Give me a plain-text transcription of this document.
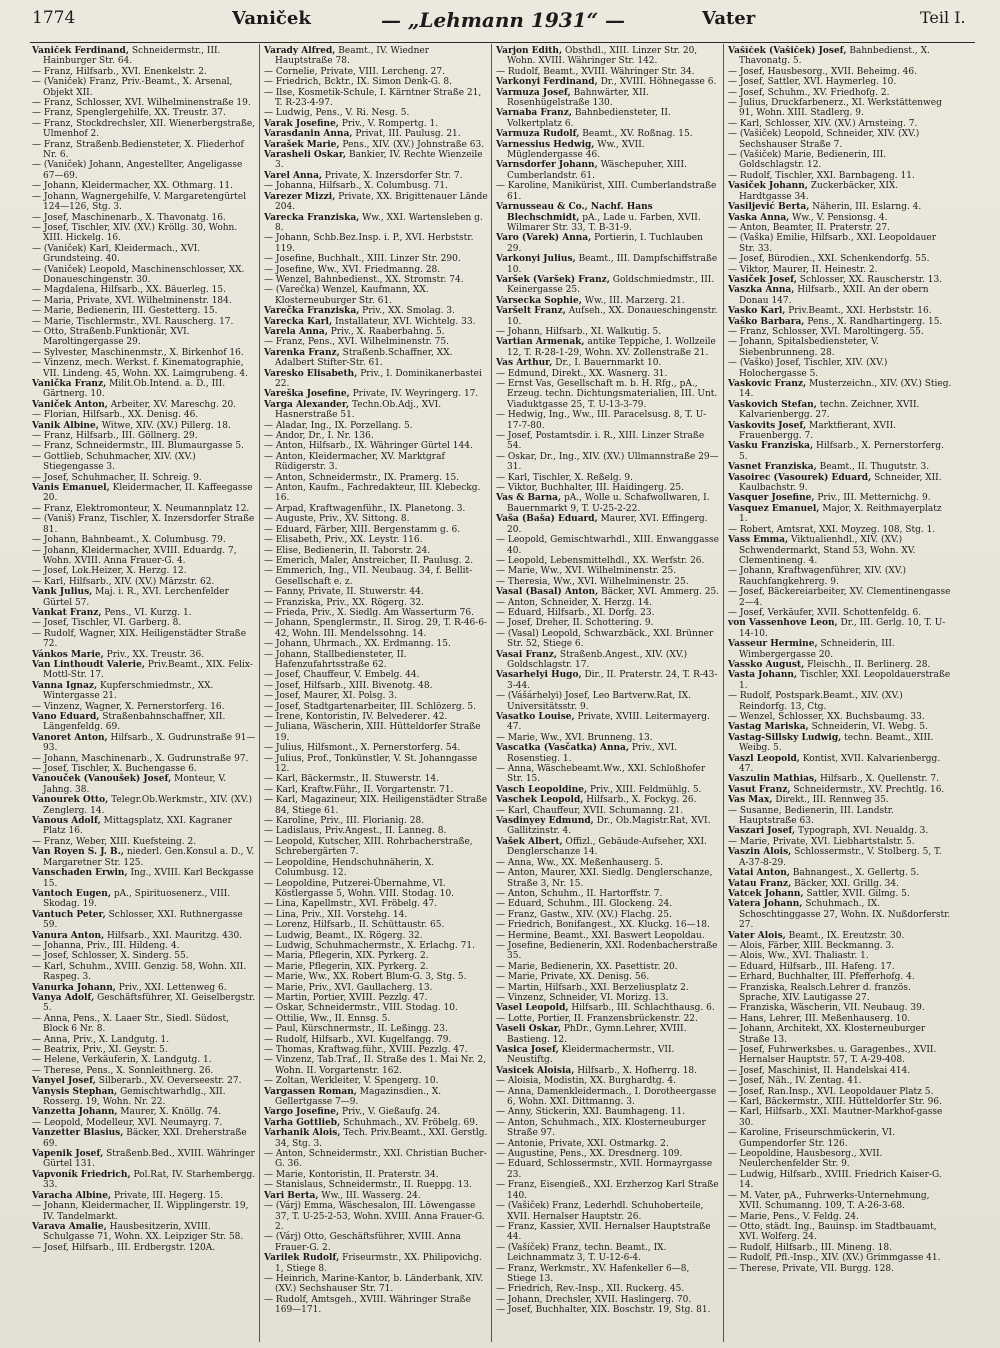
1774	Vaniček	— „Lehmann 1931“ —	Vater	Teil I.

Vaniček Ferdinand, Schneidermstr., III. Hainburger Str. 64.

— Franz, Hilfsarb., XVI. Enenkelstr. 2.

— (Vaniček) Franz, Priv.-Beamt., X. Arsenal, Objekt XII.

— Franz, Schlosser, XVI. Wilhelminenstraße 19.

— Franz, Spenglergehilfe, XX. Treustr. 37.

— Franz, Stockdrechsler, XII. Wienerbergstraße, Ulmenhof 2.

— Franz, Straßenb.Bediensteter, X. Fliederhof Nr. 6.

— (Vaniček) Johann, Angestellter, Angeligasse 67—69.

— Johann, Kleidermacher, XX. Othmarg. 11.

— Johann, Wagnergehilfe, V. Margaretengürtel 124—126, Stg. 3.

— Josef, Maschinenarb., X. Thavonatg. 16.

— Josef, Tischler, XIV. (XV.) Kröllg. 30, Wohn. XIII. Hickelg. 16.

— (Vaniček) Karl, Kleidermach., XVI. Grundsteing. 40.

— (Vaniček) Leopold, Maschinenschlosser, XX. Donaueschingenstr. 30.

— Magdalena, Hilfsarb., XX. Bäuerleg. 15.

— Maria, Private, XVI. Wilhelminenstr. 184.

— Marie, Bedienerin, III. Gestetterg. 15.

— Marie, Tischlermstr., XVI. Rauscherg. 17.

— Otto, Straßenb.Funktionär, XVI. Maroltingergasse 29.

— Sylvester, Maschinenmstr., X. Birkenhof 16.

— Vinzenz, mech. Werkst. f. Kinematographie, VII. Lindeng. 45, Wohn. XX. Laimgrubeng. 4.

Vanička Franz, Milit.Ob.Intend. a. D., III. Gärtnerg. 10.

Vaniček Anton, Arbeiter, XV. Mareschg. 20.

— Florian, Hilfsarb., XX. Denisg. 46.

Vanik Albine, Witwe, XIV. (XV.) Pillerg. 18.

— Franz, Hilfsarb., III. Göllnerg. 29.

— Franz, Schneidermstr., III. Blumaurgasse 5.

— Gottlieb, Schuhmacher, XIV. (XV.) Stiegengasse 3.

— Josef, Schuhmacher, II. Schreig. 9.

Vanis Emanuel, Kleidermacher, II. Kaffeegasse 20.

— Franz, Elektromonteur, X. Neumannplatz 12.

— (Vaniš) Franz, Tischler, X. Inzersdorfer Straße 81.

— Johann, Bahnbeamt., X. Columbusg. 79.

— Johann, Kleidermacher, XVIII. Eduardg. 7, Wohn. XVIII. Anna Frauer-G. 4.

— Josef, Lok.Heizer, X. Herzg. 12.

— Karl, Hilfsarb., XIV. (XV.) Märzstr. 62.

Vank Julius, Maj. i. R., XVI. Lerchenfelder Gürtel 57.

Vankat Franz, Pens., VI. Kurzg. 1.

— Josef, Tischler, VI. Garberg. 8.

— Rudolf, Wagner, XIX. Heiligenstädter Straße 72.

Vánkos Marie, Priv., XX. Treustr. 36.

Van Linthoudt Valerie, Priv.Beamt., XIX. Felix-Mottl-Str. 17.

Vanna Ignaz, Kupferschmiedmstr., XX. Wintergasse 21.

— Vinzenz, Wagner, X. Pernerstorferg. 16.

Vano Eduard, Straßenbahnschaffner, XII. Längenfeldg. 69.

Vanoret Anton, Hilfsarb., X. Gudrunstraße 91—93.

— Johann, Maschinenarb., X. Gudrunstraße 97.

— Josef, Tischler, X. Buchengasse 6.

Vanouček (Vanoušek) Josef, Monteur, V. Jahng. 38.

Vanourek Otto, Telegr.Ob.Werkmstr., XIV. (XV.) Zenglerg. 14.

Vanous Adolf, Mittagsplatz, XXI. Kagraner Platz 16.

— Franz, Weber, XIII. Kuefsteing. 2.

Van Royen S. J. B., niederl. Gen.Konsul a. D., V. Margaretner Str. 125.

Vanschaden Erwin, Ing., XVIII. Karl Beckgasse 15.

Vantoch Eugen, pA., Spirituosenerz., VIII. Skodag. 19.

Vantuch Peter, Schlosser, XXI. Ruthnergasse 59.

Vanura Anton, Hilfsarb., XXI. Mauritzg. 430.

— Johanna, Priv., III. Hildeng. 4.

— Josef, Schlosser, X. Sinderg. 55.

— Karl, Schuhm., XVIII. Genzig. 58, Wohn. XII. Raspeg. 3.

Vanurka Johann, Priv., XXI. Lettenweg 6.

Vanya Adolf, Geschäftsführer, XI. Geiselbergstr. 5.

— Anna, Pens., X. Laaer Str., Siedl. Südost, Block 6 Nr. 8.

— Anna, Priv., X. Landgutg. 1.

— Beatrix, Priv., XI. Geystr. 5.

— Helene, Verkäuferin, X. Landgutg. 1.

— Therese, Pens., X. Sonnleithnerg. 26.

Vanyel Josef, Silberarb., XV. Oeverseestr. 27.

Vanysis Stephan, Gemischtwarhdlg., XII. Rosserg. 19, Wohn. Nr. 22.

Vanzetta Johann, Maurer, X. Knöllg. 74.

— Leopold, Modelleur, XVI. Neumayrg. 7.

Vanzetter Blasius, Bäcker, XXI. Dreherstraße 69.

Vapenik Josef, Straßenb.Bed., XVIII. Währinger Gürtel 131.

Vapvoník Friedrich, Pol.Rat, IV. Starhembergg. 33.

Varacha Albine, Private, III. Hegerg. 15.

— Johann, Kleidermacher, II. Wipplingerstr. 19, IV. Tandelmarkt.

Varava Amalie, Hausbesitzerin, XVIII. Schulgasse 71, Wohn. XX. Leipziger Str. 58.

— Josef, Hilfsarb., III. Erdbergstr. 120A.

Varady Alfred, Beamt., IV. Wiedner Hauptstraße 78.

— Cornelie, Private, VIII. Lercheng. 27.

— Friedrich, Bcktr., IX. Simon Denk-G. 8.

— Ilse, Kosmetik-Schule, I. Kärntner Straße 21, T. R-23-4-97.

— Ludwig, Pens., V. Ri. Nesg. 5.

Varak Josefine, Priv., V. Rompertg. 1.

Varasdanin Anna, Privat, III. Paulusg. 21.

Varašek Marie, Pens., XIV. (XV.) Johnstraße 63.

Varasheli Oskar, Bankier, IV. Rechte Wienzeile 3.

Varel Anna, Private, X. Inzersdorfer Str. 7.

— Johanna, Hilfsarb., X. Columbusg. 71.

Varezer Mizzi, Private, XX. Brigittenauer Lände 204.

Varecka Franziska, Ww., XXI. Wartensleben g. 8.

— Johann, Schb.Bez.Insp. i. P., XVI. Herbststr. 119.

— Josefine, Buchhalt., XIII. Linzer Str. 290.

— Josefine, Ww., XVI. Friedmanng. 28.

— Wenzel, Bahnbedienst., XX. Stromstr. 74.

— (Varečka) Wenzel, Kaufmann, XX. Klosterneuburger Str. 61.

Varečka Franziska, Priv., XX. Smolag. 3.

Varecka Karl, Installateur, XVI. Wichtelg. 33.

Varela Anna, Priv., X. Raaberbahng. 5.

— Franz, Pens., XVI. Wilhelminenstr. 75.

Varenka Franz, Straßenb.Schaffner, XX. Adalbert Stifter-Str. 61.

Varesko Elisabeth, Priv., I. Dominikanerbastei 22.

Vareška Josefine, Private, IV. Weyringerg. 17.

Varga Alexander, Techn.Ob.Adj., XVI. Hasnerstraße 51.

— Aladar, Ing., IX. Porzellang. 5.

— Andor, Dr., I. Nr. 136.

— Anton, Hilfsarb., IX. Währinger Gürtel 144.

— Anton, Kleidermacher, XV. Marktgraf Rüdigerstr. 3.

— Anton, Schneidermstr., IX. Pramerg. 15.

— Anton, Kaufm., Fachredakteur, III. Klebeckg. 16.

— Arpad, Kraftwagenführ., IX. Planetong. 3.

— Auguste, Priv., XV. Sittong. 8.

— Eduard, Färber, XIII. Bergenstamm g. 6.

— Elisabeth, Priv., XX. Leystr. 116.

— Elise, Bedienerin, II. Taborstr. 24.

— Emerich, Maler, Anstreicher, II. Paulusg. 2.

— Emmerich, Ing., VII. Neubaug. 34, f. Bellit-Gesellschaft e. z.

— Fanny, Private, II. Stuwerstr. 44.

— Franziska, Priv., XX. Rögerg. 32.

— Frieda, Priv., X. Siedlg. Am Wasserturm 76.

— Johann, Spenglermstr., II. Sirog. 29, T. R-46-6-42, Wohn. III. Mendelssohng. 14.

— Johann, Uhrmach., XX. Erdmanng. 15.

— Johann, Stallbediensteter, II. Hafenzufahrtsstraße 62.

— Josef, Chauffeur, V. Embelg. 44.

— Josef, Hilfsarb., XIII. Bivenotg. 48.

— Josef, Maurer, XI. Polsg. 3.

— Josef, Stadtgartenarbeiter, III. Schlözerg. 5.

— Irene, Kontoristin, IV. Belvederег. 42.

— Juliana, Wäscherin, XIII. Hütteldorfer Straße 19.

— Julius, Hilfsmont., X. Pernerstorferg. 54.

— Julius, Prof., Tonkünstler, V. St. Johanngasse 12.

— Karl, Bäckermstr., II. Stuwerstr. 14.

— Karl, Kraftw.Führ., II. Vorgartenstr. 71.

— Karl, Magazineur, XIX. Heiligenstädter Straße 84, Stiege 61.

— Karoline, Priv., III. Florianig. 28.

— Ladislaus, Priv.Angest., II. Lanneg. 8.

— Leopold, Kutscher, XIII. Rohrbacherstraße, Schrebergärten 7.

— Leopoldine, Hendschuhnäherin, X. Columbusg. 12.

— Leopoldine, Putzerei-Übernahme, VI. Köstlergasse 5, Wohn. VIII. Stodag. 10.

— Lina, Kapellmstr., XVI. Fröbelg. 47.

— Lina, Priv., XII. Vorstehg. 14.

— Lorenz, Hilfsarb., II. Schüttaustr. 65.

— Ludwig, Beamt., IX. Rögerg. 32.

— Ludwig, Schuhmachermstr., X. Erlachg. 71.

— Maria, Pflegerin, XIX. Pyrkerg. 2.

— Marie, Pflegerin, XIX. Pyrkerg. 2.

— Marie, Ww., XX. Robert Blum-G. 3, Stg. 5.

— Marie, Priv., XVI. Gaullacherg. 13.

— Martin, Portier, XVIII. Pezzlg. 47.

— Oskar, Schneidermstr., VIII. Stodag. 10.

— Ottilie, Ww., II. Ennsg. 5.

— Paul, Kürschnermstr., II. Leßingg. 23.

— Rudolf, Hilfsarb., XVI. Kugelfangg. 79.

— Thomas, Kraftwag.führ., XVIII. Pezzlg. 47.

— Vinzenz, Tab.Traf., II. Straße des 1. Mai Nr. 2, Wohn. II. Vorgartenstr. 162.

— Zoltan, Werkleiter, V. Spengerg. 10.

Vargassen Roman, Magazinsdien., X. Gellertgasse 7—9.

Vargo Josefine, Priv., V. Gießaufg. 24.

Varha Gottlieb, Schuhmach., XV. Fröbelg. 69.

Varhanik Alois, Tech. Priv.Beamt., XXI. Gerstlg. 34, Stg. 3.

— Anton, Schneidermstr., XXI. Christian Bucher-G. 36.

— Marie, Kontoristin, II. Praterstr. 34.

— Stanislaus, Schneidermstr., II. Rueppg. 13.

Vari Berta, Ww., III. Wasserg. 24.

— (Várj) Emma, Wäschesalon, III. Löwengasse 37, T. U-25-2-53, Wohn. XVIII. Anna Frauer-G. 2.

— (Várj) Otto, Geschäftsführer, XVIII. Anna Frauer-G. 2.

Varilek Rudolf, Friseurmstr., XX. Philipovichg. 1, Stiege 8.

— Heinrich, Marine-Kantor, b. Länderbank, XIV. (XV.) Sechshauser Str. 71.

— Rudolf, Amtsgeh., XVIII. Währinger Straße 169—171.

Varjon Edith, Obsthdl., XIII. Linzer Str. 20, Wohn. XVIII. Währinger Str. 142.

— Rudolf, Beamt., XVIII. Währinger Str. 34.

Varkonyi Ferdinand, Dr., XVIII. Höhnegasse 6.

Varmuza Josef, Bahnwärter, XII. Rosenhügelstraße 130.

Varnaba Franz, Bahnbediensteter, II. Volkertplatz 6.

Varmuza Rudolf, Beamt., XV. Roßnag. 15.

Varnessius Hedwig, Ww., XVII. Müglendergasse 46.

Varnsdorfer Johann, Wäschepuher, XIII. Cumberlandstr. 61.

— Karoline, Manikürist, XIII. Cumberlandstraße 61.

Varnusseau & Co., Nachf. Hans Blechschmidt, pA., Lade u. Farben, XVII. Wilmarer Str. 33, T. B-31-9.

Varo (Varek) Anna, Portierin, I. Tuchlauben 29.

Varkonyi Julius, Beamt., III. Dampfschiffstraße 10.

Varšek (Varšek) Franz, Goldschmiedmstr., III. Keinergasse 25.

Varsecka Sophie, Ww., III. Marzerg. 21.

Varšelt Franz, Aufseh., XX. Donaueschingenstr. 10.

— Johann, Hilfsarb., XI. Walkutig. 5.

Vartian Armenak, antike Teppiche, I. Wollzeile 12, T. R-28-1-29, Wohn. XV. Zollenstraße 21.

Vas Arthur, Dr., I. Bauernmarkt 10.

— Edmund, Direkt., XX. Wasnerg. 31.

— Ernst Vas, Gesellschaft m. b. H. Rfg., pA., Erzeug. techn. Dichtungsmaterialien, III. Unt. Viaduktgasse 25, T. U-13-3-79.

— Hedwig, Ing., Ww., III. Paracelsusg. 8, T. U-17-7-80.

— Josef, Postamtsdir. i. R., XIII. Linzer Straße 54.

— Oskar, Dr., Ing., XIV. (XV.) Ullmannstraße 29—31.

— Karl, Tischler, X. Reßelg. 9.

— Viktor, Buchhalter, III. Haidingerg. 25.

Vas & Barna, pA., Wolle u. Schafwollwaren, I. Bauernmarkt 9, T. U-25-2-22.

Vaša (Baša) Eduard, Maurer, XVI. Effingerg. 20.

— Leopold, Gemischtwarhdl., XIII. Enwanggasse 40.

— Leopold, Lebensmittelhdl., XX. Werfstr. 26.

— Marie, Ww., XVI. Wilhelminenstr. 25.

— Theresia, Ww., XVI. Wilhelminenstr. 25.

Vasal (Basal) Anton, Bäcker, XVI. Ammerg. 25.

— Anton, Schneider, X. Herzg. 14.

— Eduard, Hilfsarb., XI. Dorfg. 23.

— Josef, Dreher, II. Schottering. 9.

— (Vasal) Leopold, Schwarzbäck., XXI. Brünner Str. 52, Stiege 6.

Vasai Franz, Straßenb.Angest., XIV. (XV.) Goldschlagstr. 17.

Vasarhelyi Hugo, Dir., II. Praterstr. 24, T. R-43-3-44.

— (Vášárhelyi) Josef, Leo Bartverw.Rat, IX. Universitätsstr. 9.

Vasatko Louise, Private, XVIII. Leitermayerg. 47.

— Marie, Ww., XVI. Brunneng. 13.

Vascatka (Vasčatka) Anna, Priv., XVI. Rosenstieg. 1.

— Anna, Wäschebeamt.Ww., XXI. Schloßhofer Str. 15.

Vasch Leopoldine, Priv., XIII. Feldmühlg. 5.

Vaschek Leopold, Hilfsarb., X. Fockyg. 26.

— Karl, Chauffeur, XVII. Schumanng. 21.

Vasdinyey Edmund, Dr., Ob.Magistr.Rat, XVI. Gallitzinstr. 4.

Vašek Albert, Offizl., Gebäude-Aufseher, XXI. Denglerschanze 14.

— Anna, Ww., XX. Meßenhauserg. 5.

— Anton, Maurer, XXI. Siedlg. Denglerschanze, Straße 3, Nr. 15.

— Anton, Schuhm., II. Hartorffstr. 7.

— Eduard, Schuhm., III. Glockeng. 24.

— Franz, Gastw., XIV. (XV.) Flachg. 25.

— Friedrich, Bonifangest., XX. Kluckg. 16—18.

— Hermine, Beamt., XXI. Baswert Leopoldau.

— Josefine, Bedienerin, XXI. Rodenbacherstraße 35.

— Marie, Bedienerin, XX. Pasettistr. 20.

— Marie, Private, XX. Denisg. 56.

— Martin, Hilfsarb., XXI. Berzeliusplatz 2.

— Vinzenz, Schneider, VI. Morizg. 13.

Vasel Leopold, Hilfsarb., III. Schlachthausg. 6.

— Lotte, Portier, II. Franzensbrückenstr. 22.

Vaseli Oskar, PhDr., Gymn.Lehrer, XVIII. Bastieng. 12.

Vasica Josef, Kleidermachermstr., VII. Neustiftg.

Vasicek Aloisia, Hilfsarb., X. Hofherrg. 18.

— Aloisia, Modistin, XX. Burghardtg. 4.

— Anna, Damenkleidermach., I. Dorotheergasse 6, Wohn. XXI. Dittmanng. 3.

— Anny, Stickerin, XXI. Baumhageng. 11.

— Anton, Schuhmach., XIX. Klosterneuburger Straße 97.

— Antonie, Private, XXI. Ostmarkg. 2.

— Augustine, Pens., XX. Dresdnerg. 109.

— Eduard, Schlossermstr., XVII. Hormayrgasse 23.

— Franz, Eisengieß., XXI. Erzherzog Karl Straße 140.

— (Vašiček) Franz, Lederhdl. Schuhoberteile, XVII. Hernalser Hauptstr. 26.

— Franz, Kassier, XVII. Hernalser Hauptstraße 44.

— (Vašíček) Franz, techn. Beamt., IX. Leichnammatz 3, T. U-12-6-4.

— Franz, Werkmstr., XV. Hafenkeller 6—8, Stiege 13.

— Friedrich, Rev.-Insp., XII. Ruckerg. 45.

— Johann, Drechsler, XVII. Haslingerg. 70.

— Josef, Buchhalter, XIX. Boschstr. 19, Stg. 81.

Vašíček (Vašiček) Josef, Bahnbedienst., X. Thavonatg. 5.

— Josef, Hausbesorg., XVII. Beheimg. 46.

— Josef, Sattler, XVI. Haymerleg. 10.

— Josef, Schuhm., XV. Friedhofg. 2.

— Julius, Druckfarbenerz., XI. Werkstättenweg 91, Wohn. XIII. Stadlerg. 9.

— Karl, Schlosser, XIV. (XV.) Arnsteing. 7.

— (Vašiček) Leopold, Schneider, XIV. (XV.) Sechshauser Straße 7.

— (Vašiček) Marie, Bedienerin, III. Goldschlagstr. 12.

— Rudolf, Tischler, XXI. Barnbageng. 11.

Vasiček Johann, Zuckerbäcker, XIX. Hardtgasse 34.

Vasiljević Berta, Näherin, III. Eslarng. 4.

Vaska Anna, Ww., V. Pensionsg. 4.

— Anton, Beamter, II. Praterstr. 27.

— (Vaška) Emilie, Hilfsarb., XXI. Leopoldauer Str. 33.

— Josef, Bürodien., XXI. Schenkendorfg. 55.

— Viktor, Maurer, II. Heinestr. 2.

Vasiček Josef, Schlosser, XX. Rauscherstr. 13.

Vaszka Anna, Hilfsarb., XXII. An der obern Donau 147.

Vasko Karl, Priv.Beamt., XXI. Herbststr. 16.

Vaško Barbara, Pens., X. Randhartingerg. 15.

— Franz, Schlosser, XVI. Maroltingerg. 55.

— Johann, Spitalsbediensteter, V. Siebenbrunneng. 28.

— (Vaško) Josef, Tischler, XIV. (XV.) Holochergasse 5.

Vaskovic Franz, Musterzeichn., XIV. (XV.) Stieg. 14.

Vaskovich Stefan, techn. Zeichner, XVII. Kalvarienbergg. 27.

Vaskovits Josef, Marktfierant, XVII. Frauenbergg. 7.

Vasku Franziska, Hilfsarb., X. Pernerstorferg. 5.

Vasnet Franziska, Beamt., II. Thugutstr. 3.

Vasoirec (Vasourek) Eduard, Schneider, XII. Kaulbachstr. 9.

Vasquer Josefine, Priv., III. Metternichg. 9.

Vasquez Emanuel, Major, X. Reithmayerplatz 1.

— Robert, Amtsrat, XXI. Moyzeg. 108, Stg. 1.

Vass Emma, Viktualienhdl., XIV. (XV.) Schwendermarkt, Stand 53, Wohn. XV. Clementineng. 4.

— Johann, Kraftwagenführer, XIV. (XV.) Rauchfangkehrerg. 9.

— Josef, Bäckereiarbeiter, XV. Clementinengasse 2—4.

— Josef, Verkäufer, XVII. Schottenfeldg. 6.

von Vassenhove Leon, Dr., III. Gerlg. 10, T. U-14-10.

Vasseur Hermine, Schneiderin, III. Wimbergergasse 20.

Vassko August, Fleischh., II. Berlinerg. 28.

Vasta Johann, Tischler, XXI. Leopoldauerstraße 1.

— Rudolf, Postspark.Beamt., XIV. (XV.) Reindorfg. 13, Ctg.

— Wenzel, Schlosser, XX. Buchsbaumg. 33.

Vastag Mariska, Schneiderin, VI. Webg. 5.

Vastag-Sillsky Ludwig, techn. Beamt., XIII. Weibg. 5.

Vaszl Leopold, Kontist, XVII. Kalvarienbergg. 47.

Vaszulin Mathias, Hilfsarb., X. Quellenstr. 7.

Vasut Franz, Schneidermstr., XV. Prechtlg. 16.

Vas Max, Direkt., III. Rennweg 35.

— Susanne, Bedienerin, III. Landstr. Hauptstraße 63.

Vaszari Josef, Typograph, XVI. Neualdg. 3.

— Marie, Private, XVI. Liebhartstalstr. 5.

Vaszin Alois, Schlossermstr., V. Stolberg. 5, T. A-37-8-29.

Vatai Anton, Bahnangest., X. Gellertg. 5.

Vatau Franz, Bäcker, XXI. Grillg. 34.

Vatcek Johann, Sattler, XVII. Gilmg. 5.

Vatera Johann, Schuhmach., IX. Schoschtinggasse 27, Wohn. IX. Nußdorferstr. 27.

Vater Alois, Beamt., IX. Ereutzstr. 30.

— Alois, Färber, XIII. Beckmanng. 3.

— Alois, Ww., XVI. Thaliastr. 1.

— Eduard, Hilfsarb., III. Hafeng. 17.

— Erhard, Buchhalter, III. Pfefferhofg. 4.

— Franziska, Realsch.Lehrer d. französ. Sprache, XIV. Lautigasse 27.

— Franziska, Wäscherin, VII. Neubaug. 39.

— Hans, Lehrer, III. Meßenhauserg. 10.

— Johann, Architekt, XX. Klosterneuburger Straße 13.

— Josef, Fuhrwerksbes. u. Garagenbes., XVII. Hernalser Hauptstr. 57, T. A-29-408.

— Josef, Maschinist, II. Handelskai 414.

— Josef, Näh., IV. Zentag. 41.

— Josef, Ran.Insp., XVI. Leopoldauer Platz 5.

— Karl, Bäckermstr., XIII. Hütteldorfer Str. 96.

— Karl, Hilfsarb., XXI. Mautner-Markhof-gasse 30.

— Karoline, Friseurschmückerin, VI. Gumpendorfer Str. 126.

— Leopoldine, Hausbesorg., XVII. Neulerchenfelder Str. 9.

— Ludwig, Hilfsarb., XVIII. Friedrich Kaiser-G. 14.

— M. Vater, pA., Fuhrwerks-Unternehmung, XVII. Schumanng. 109, T. A-26-3-68.

— Marie, Pens., V. Feldg. 24.

— Otto, städt. Ing., Bauinsp. im Stadtbauamt, XVI. Wolferg. 24.

— Rudolf, Hilfsarb., III. Mineng. 18.

— Rudolf, Pfl.-Insp., XIV. (XV.) Grimmgasse 41.

— Therese, Private, VII. Burgg. 128.
